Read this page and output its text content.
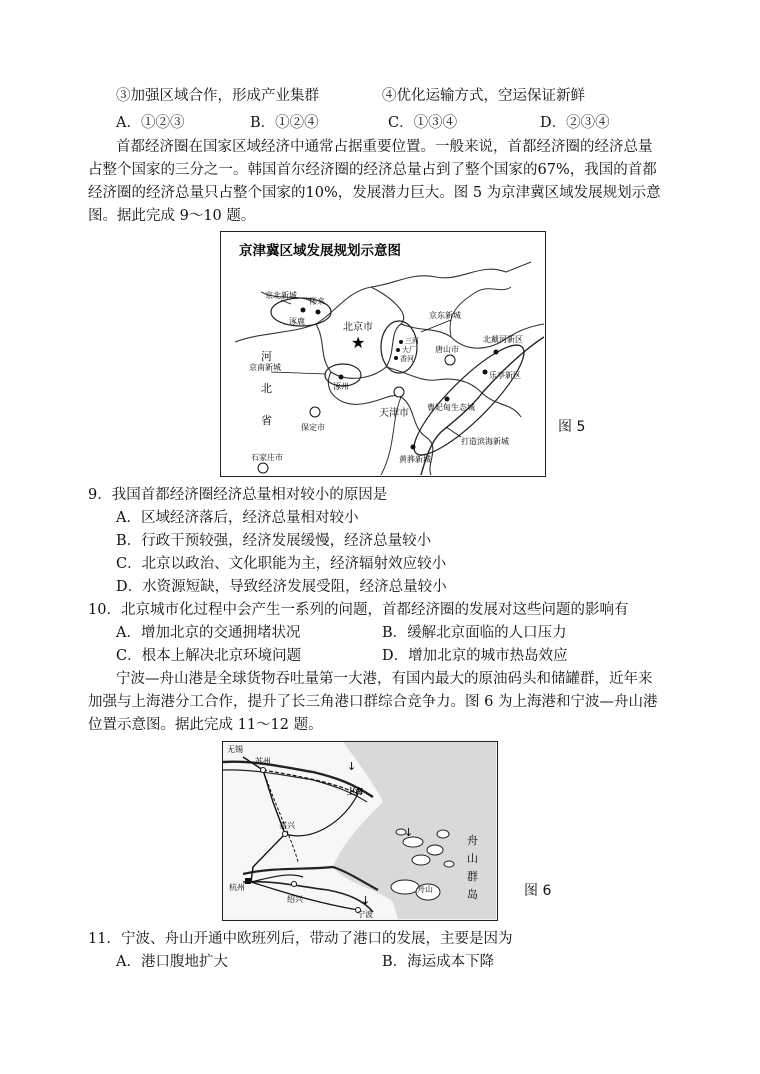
③加强区域合作，形成产业集群	④优化运输方式，空运保证新鲜
A．①②③	B．①②④	C．①③④	D．②③④
首都经济圈在国家区域经济中通常占据重要位置。一般来说，首都经济圈的经济总量
占整个国家的三分之一。韩国首尔经济圈的经济总量占到了整个国家的67%，我国的首都
经济圈的经济总量只占整个国家的10%，发展潜力巨大。图 5 为京津冀区域发展规划示意
图。据此完成 9～10 题。
京津冀区域发展规划示意图
★
京北新城
怀来
涿鹿
北京市
京东新城
三河
大厂
香河
唐山市
北戴河新区
乐亭新区
曹妃甸生态城
京南新城
涿州
河
北
省
天津市
保定市
打造滨海新城
石家庄市	黄骅新城
图 5
9．我国首都经济圈经济总量相对较小的原因是
A．区域经济落后，经济总量相对较小
B．行政干预较强，经济发展缓慢，经济总量较小
C．北京以政治、文化职能为主，经济辐射效应较小
D．水资源短缺，导致经济发展受阻，经济总量较小
10．北京城市化过程中会产生一系列的问题，首都经济圈的发展对这些问题的影响有
A．增加北京的交通拥堵状况	B．缓解北京面临的人口压力
C．根本上解决北京环境问题	D．增加北京的城市热岛效应
宁波—舟山港是全球货物吞吐量第一大港，有国内最大的原油码头和储罐群，近年来
加强与上海港分工合作，提升了长三角港口群综合竞争力。图 6 为上海港和宁波—舟山港
位置示意图。据此完成 11～12 题。
↓
↓
↓
无锡
苏州
上海
嘉兴
杭州
绍兴
宁波
舟山
舟
山
群
岛	图 6
11．宁波、舟山开通中欧班列后，带动了港口的发展，主要是因为
A．港口腹地扩大	B．海运成本下降
